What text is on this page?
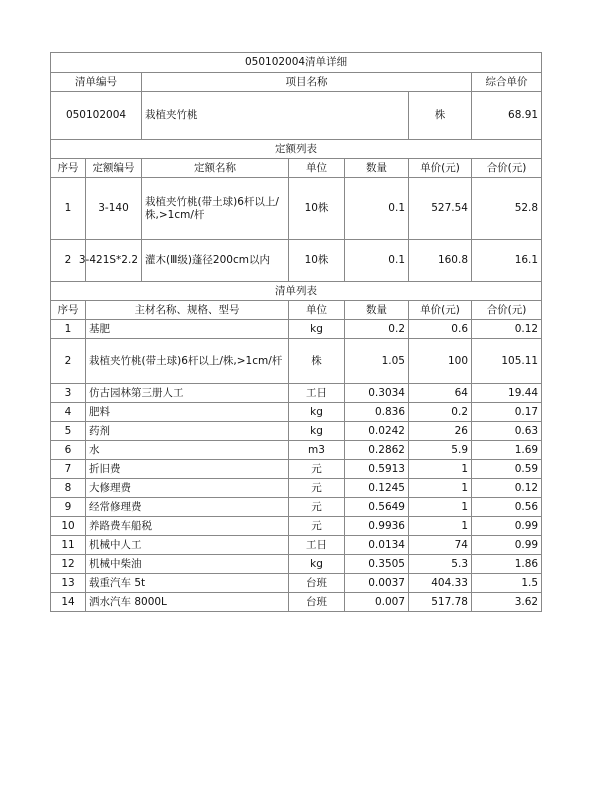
050102004清单详细						
清单编号		项目名称				综合单价
050102004		栽植夹竹桃 株				68.91
定额列表						
序号	定额编号	定额名称	单位	数量	单价(元)	合价(元)
1	3-140	栽植夹竹桃(带土球)6杆以上/株,>1cm/杆	10株	0.1	527.54	52.8
2	3-421S*2.2	灌木(Ⅲ级)蓬径200cm以内	10株	0.1	160.8	16.1
清单列表						
序号	主材名称、规格、型号		单位	数量	单价(元)	合价(元)
1	基肥		kg	0.2	0.6	0.12
2	栽植夹竹桃(带土球)6杆以上/株,>1cm/杆		株	1.05	100	105.11
3	仿古园林第三册人工		工日	0.3034	64	19.44
4	肥料		kg	0.836	0.2	0.17
5	药剂		kg	0.0242	26	0.63
6	水		m3	0.2862	5.9	1.69
7	折旧费		元	0.5913	1	0.59
8	大修理费		元	0.1245	1	0.12
9	经常修理费		元	0.5649	1	0.56
10	养路费车船税		元	0.9936	1	0.99
11	机械中人工		工日	0.0134	74	0.99
12	机械中柴油		kg	0.3505	5.3	1.86
13	载重汽车 5t		台班	0.0037	404.33	1.5
14	洒水汽车 8000L		台班	0.007	517.78	3.62
